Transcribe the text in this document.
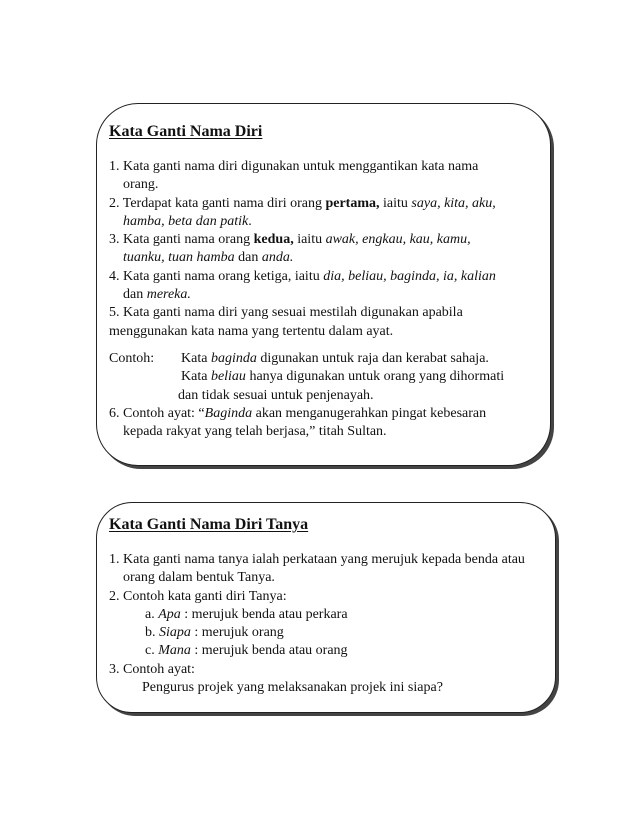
Kata Ganti Nama Diri
1. Kata ganti nama diri digunakan untuk menggantikan kata nama
orang.
2. Terdapat kata ganti nama diri orang pertama, iaitu saya, kita, aku,
hamba, beta dan patik.
3. Kata ganti nama orang kedua, iaitu awak, engkau, kau, kamu,
tuanku, tuan hamba dan anda.
4. Kata ganti nama orang ketiga, iaitu dia, beliau, baginda, ia, kalian
dan mereka.
5. Kata ganti nama diri yang sesuai mestilah digunakan apabila
menggunakan kata nama yang tertentu dalam ayat.
Contoh:	Kata baginda digunakan untuk raja dan kerabat sahaja.
Kata beliau hanya digunakan untuk orang yang dihormati
dan tidak sesuai untuk penjenayah.
6. Contoh ayat: “Baginda akan menganugerahkan pingat kebesaran
kepada rakyat yang telah berjasa,” titah Sultan.
Kata Ganti Nama Diri Tanya
1. Kata ganti nama tanya ialah perkataan yang merujuk kepada benda atau
orang dalam bentuk Tanya.
2. Contoh kata ganti diri Tanya:
a. Apa : merujuk benda atau perkara
b. Siapa : merujuk orang
c. Mana : merujuk benda atau orang
3. Contoh ayat:
Pengurus projek yang melaksanakan projek ini siapa?
